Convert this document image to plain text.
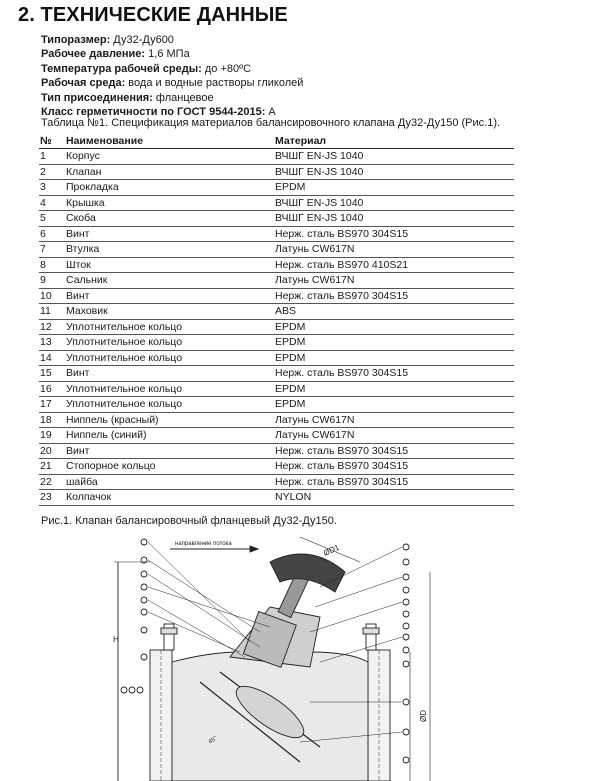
2. ТЕХНИЧЕСКИЕ ДАННЫЕ
Типоразмер: Ду32-Ду600
Рабочее давление: 1,6 МПа
Температура рабочей среды: до +80ºС
Рабочая среда: вода и водные растворы гликолей
Тип присоединения: фланцевое
Класс герметичности по ГОСТ 9544-2015: А
Таблица №1. Спецификация материалов балансировочного клапана Ду32-Ду150 (Рис.1).
№	Наименование	Материал
1	Корпус	ВЧШГ EN-JS 1040
2	Клапан	ВЧШГ EN-JS 1040
3	Прокладка	EPDM
4	Крышка	ВЧШГ EN-JS 1040
5	Скоба	ВЧШГ EN-JS 1040
6	Винт	Нерж. сталь BS970 304S15
7	Втулка	Латунь CW617N
8	Шток	Нерж. сталь BS970 410S21
9	Сальник	Латунь CW617N
10	Винт	Нерж. сталь BS970 304S15
11	Маховик	ABS
12	Уплотнительное кольцо	EPDM
13	Уплотнительное кольцо	EPDM
14	Уплотнительное кольцо	EPDM
15	Винт	Нерж. сталь BS970 304S15
16	Уплотнительное кольцо	EPDM
17	Уплотнительное кольцо	EPDM
18	Ниппель (красный)	Латунь CW617N
19	Ниппель (синий)	Латунь CW617N
20	Винт	Нерж. сталь BS970 304S15
21	Стопорное кольцо	Нерж. сталь BS970 304S15
22	шайба	Нерж. сталь BS970 304S15
23	Колпачок	NYLON
Рис.1. Клапан балансировочный фланцевый Ду32-Ду150.
направление потока	ØD1
H
ØD
45°
